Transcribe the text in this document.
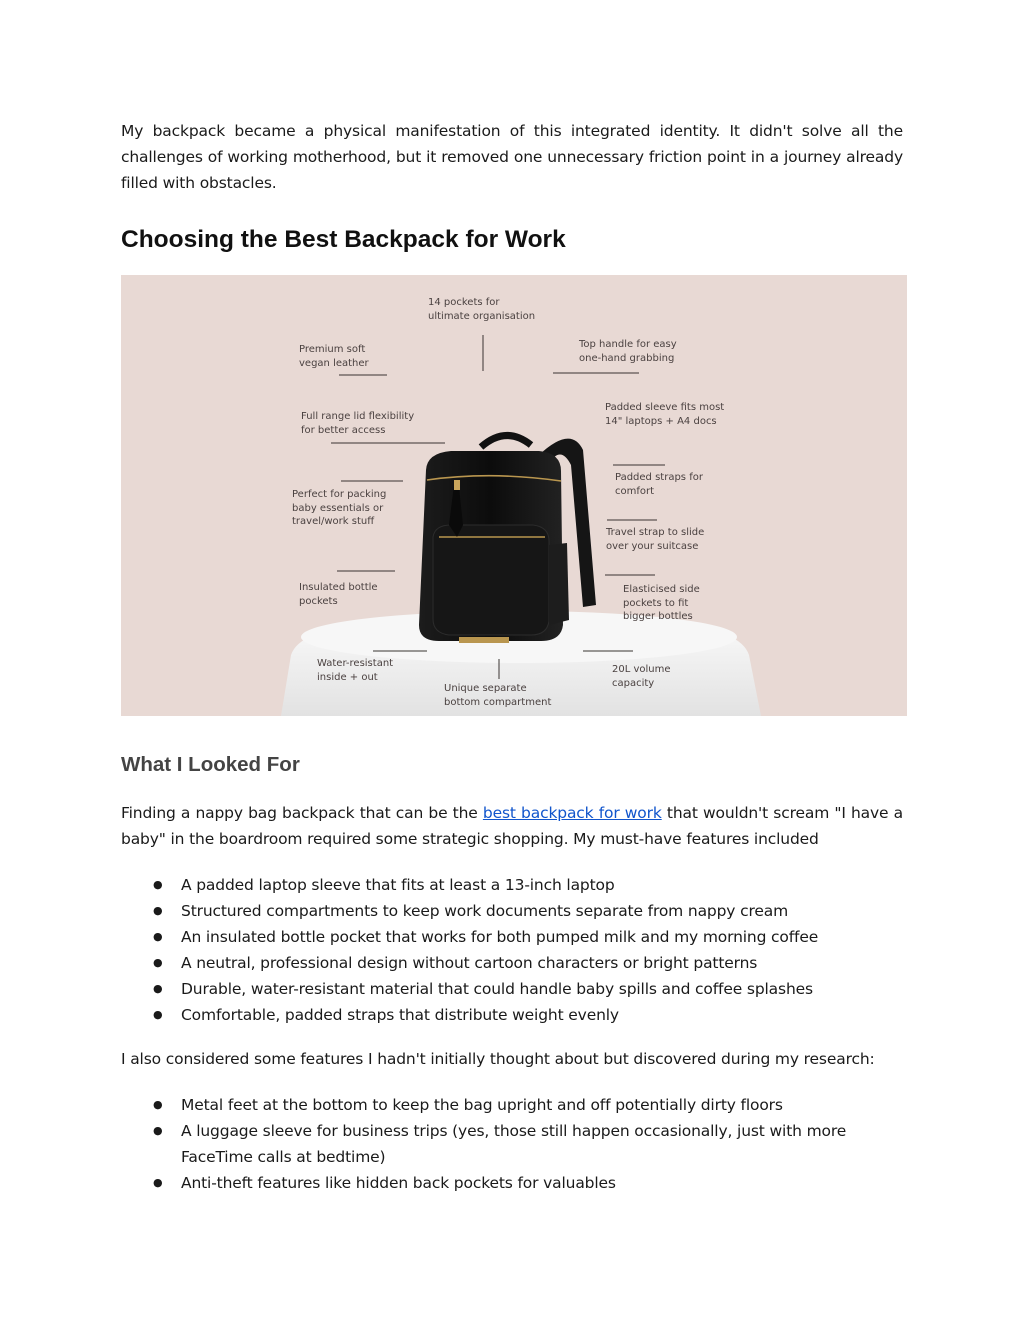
My backpack became a physical manifestation of this integrated identity. It didn't solve all the challenges of working motherhood, but it removed one unnecessary friction point in a journey already filled with obstacles.

Choosing the Best Backpack for Work
14 pockets for
ultimate organisation
Premium soft
vegan leather
Top handle for easy
one-hand grabbing
Full range lid flexibility
for better access
Padded sleeve fits most
14" laptops + A4 docs
Padded straps for
comfort
Perfect for packing
baby essentials or
travel/work stuff
Travel strap to slide
over your suitcase
Insulated bottle
pockets
Elasticised side
pockets to fit
bigger bottles
Water-resistant
inside + out
20L volume
capacity
Unique separate
bottom compartment
What I Looked For

Finding a nappy bag backpack that can be the best backpack for work that wouldn't scream "I have a baby" in the boardroom required some strategic shopping. My must-have features included

● A padded laptop sleeve that fits at least a 13-inch laptop
● Structured compartments to keep work documents separate from nappy cream
● An insulated bottle pocket that works for both pumped milk and my morning coffee
● A neutral, professional design without cartoon characters or bright patterns
● Durable, water-resistant material that could handle baby spills and coffee splashes
● Comfortable, padded straps that distribute weight evenly

I also considered some features I hadn't initially thought about but discovered during my research:

● Metal feet at the bottom to keep the bag upright and off potentially dirty floors
● A luggage sleeve for business trips (yes, those still happen occasionally, just with more FaceTime calls at bedtime)
● Anti-theft features like hidden back pockets for valuables
